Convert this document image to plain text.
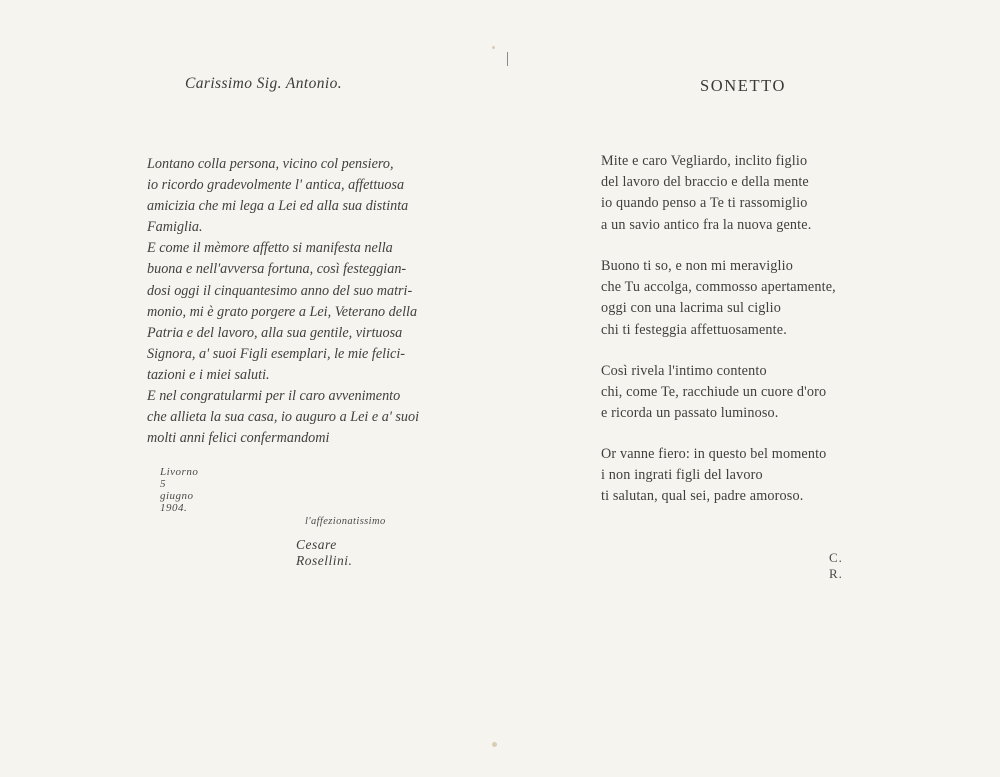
Carissimo Sig. Antonio.
Lontano colla persona, vicino col pensiero,
io ricordo gradevolmente l' antica, affettuosa
amicizia che mi lega a Lei ed alla sua distinta
Famiglia.
E come il mèmore affetto si manifesta nella
buona e nell'avversa fortuna, così festeggian-
dosi oggi il cinquantesimo anno del suo matri-
monio, mi è grato porgere a Lei, Veterano della
Patria e del lavoro, alla sua gentile, virtuosa
Signora, a' suoi Figli esemplari, le mie felici-
tazioni e i miei saluti.
E nel congratularmi per il caro avvenimento
che allieta la sua casa, io auguro a Lei e a' suoi
molti anni felici confermandomi
Livorno 5 giugno 1904.
l'affezionatissimo
Cesare Rosellini.
SONETTO
Mite e caro Vegliardo, inclito figlio
del lavoro del braccio e della mente
io quando penso a Te ti rassomiglio
a un savio antico fra la nuova gente.
Buono ti so, e non mi meraviglio
che Tu accolga, commosso apertamente,
oggi con una lacrima sul ciglio
chi ti festeggia affettuosamente.
Così rivela l'intimo contento
chi, come Te, racchiude un cuore d'oro
e ricorda un passato luminoso.
Or vanne fiero: in questo bel momento
i non ingrati figli del lavoro
ti salutan, qual sei, padre amoroso.
C. R.
